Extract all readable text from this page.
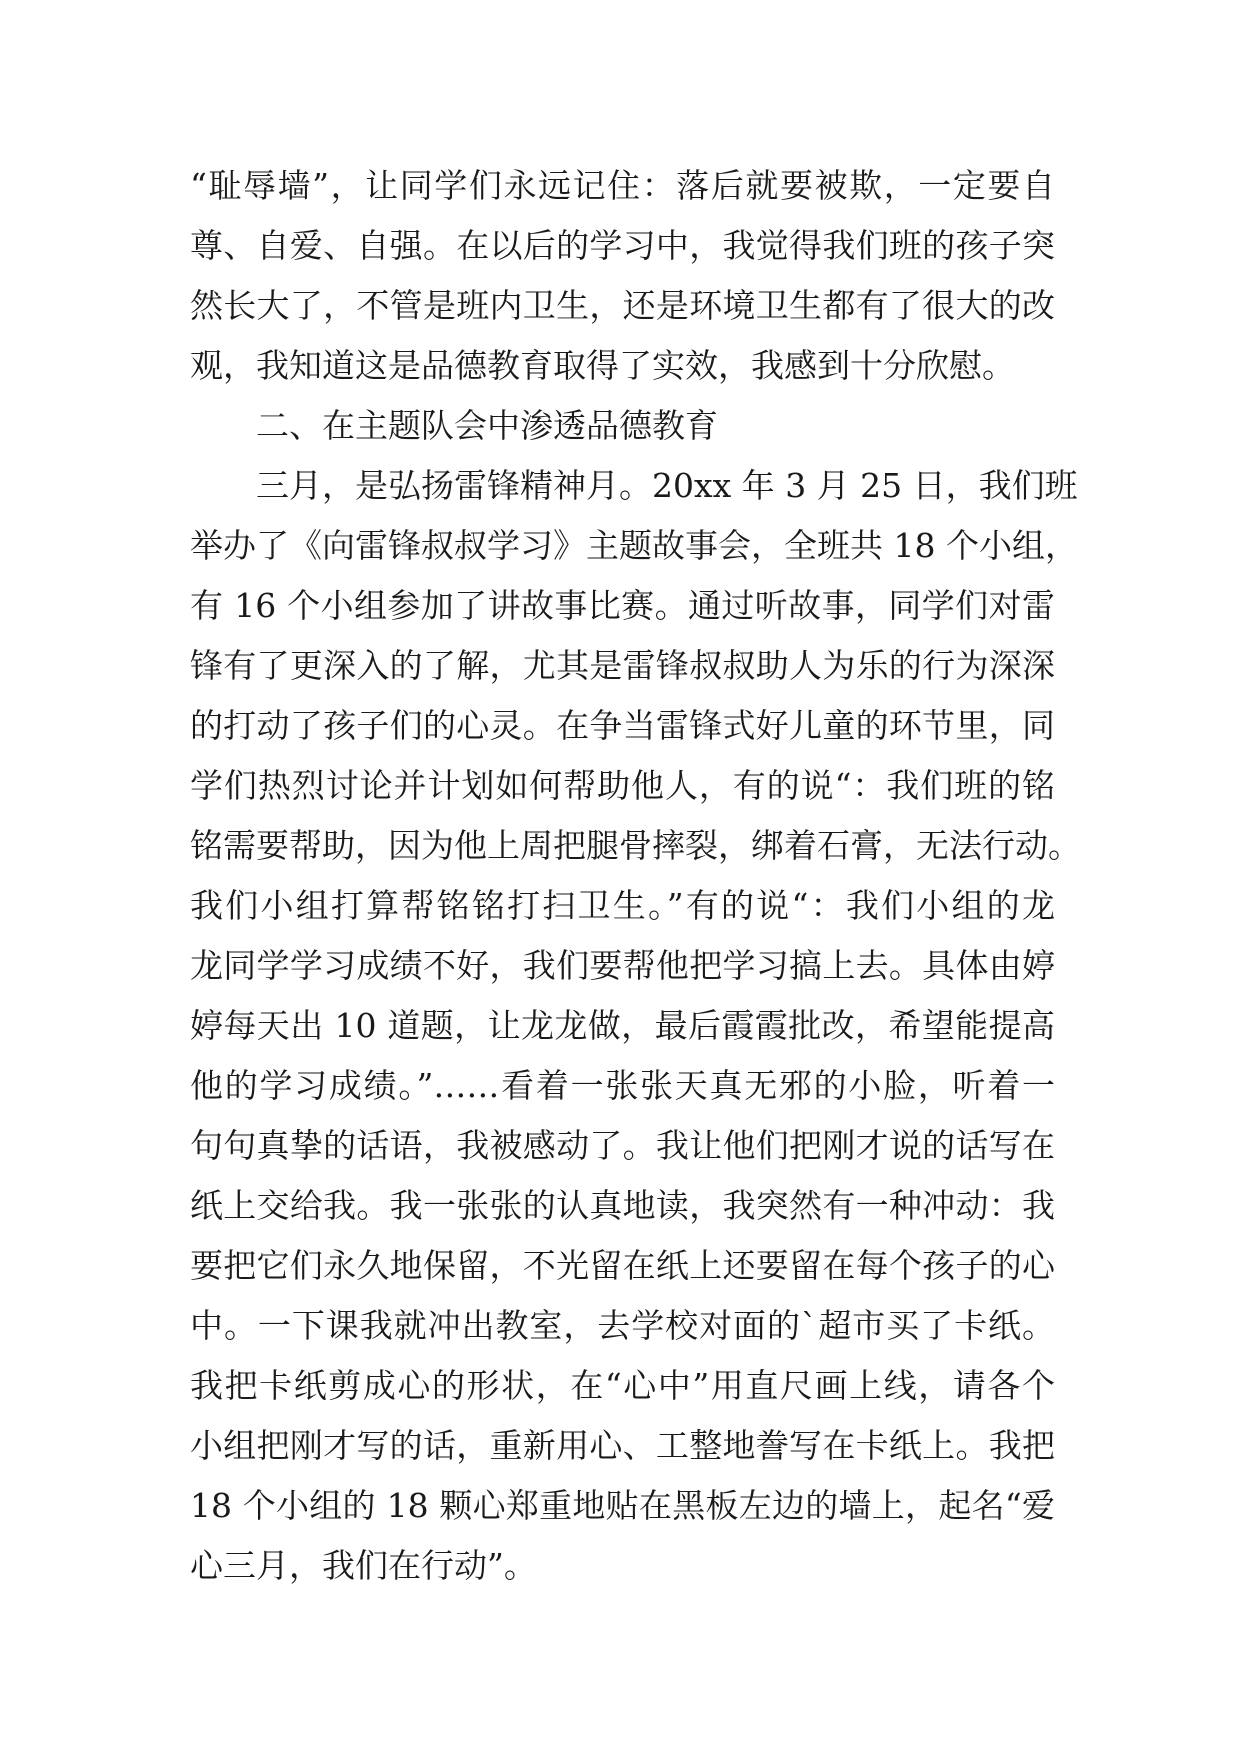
“耻辱墙”，让同学们永远记住：落后就要被欺，一定要自
尊、自爱、自强。在以后的学习中，我觉得我们班的孩子突
然长大了，不管是班内卫生，还是环境卫生都有了很大的改
观，我知道这是品德教育取得了实效，我感到十分欣慰。
二、在主题队会中渗透品德教育
三月，是弘扬雷锋精神月。20xx 年 3 月 25 日，我们班
举办了《向雷锋叔叔学习》主题故事会，全班共 18 个小组，
有 16 个小组参加了讲故事比赛。通过听故事，同学们对雷
锋有了更深入的了解，尤其是雷锋叔叔助人为乐的行为深深
的打动了孩子们的心灵。在争当雷锋式好儿童的环节里，同
学们热烈讨论并计划如何帮助他人，有的说“：我们班的铭
铭需要帮助，因为他上周把腿骨摔裂，绑着石膏，无法行动。
我们小组打算帮铭铭打扫卫生。”有的说“：我们小组的龙
龙同学学习成绩不好，我们要帮他把学习搞上去。具体由婷
婷每天出 10 道题，让龙龙做，最后霞霞批改，希望能提高
他的学习成绩。”……看着一张张天真无邪的小脸，听着一
句句真挚的话语，我被感动了。我让他们把刚才说的话写在
纸上交给我。我一张张的认真地读，我突然有一种冲动：我
要把它们永久地保留，不光留在纸上还要留在每个孩子的心
中。一下课我就冲出教室，去学校对面的`超市买了卡纸。
我把卡纸剪成心的形状，在“心中”用直尺画上线，请各个
小组把刚才写的话，重新用心、工整地誊写在卡纸上。我把
18 个小组的 18 颗心郑重地贴在黑板左边的墙上，起名“爱
心三月，我们在行动”。
